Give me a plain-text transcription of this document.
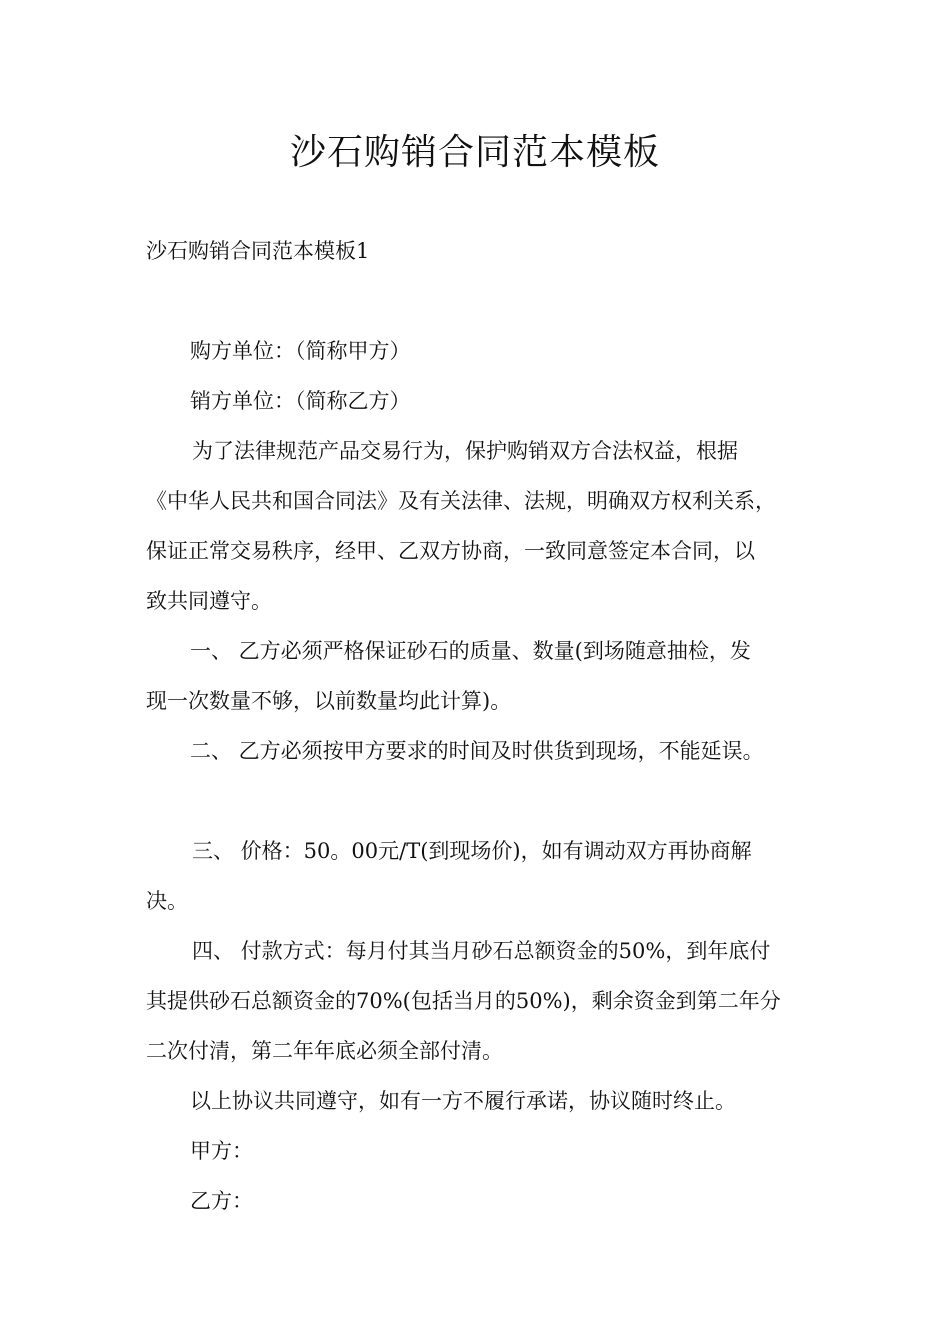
沙石购销合同范本模板

沙石购销合同范本模板1

购方单位：（简称甲方）

销方单位：（简称乙方）

为了法律规范产品交易行为，保护购销双方合法权益，根据

《中华人民共和国合同法》及有关法律、法规，明确双方权利关系，

保证正常交易秩序，经甲、乙双方协商，一致同意签定本合同，以

致共同遵守。

一、 乙方必须严格保证砂石的质量、数量(到场随意抽检，发

现一次数量不够，以前数量均此计算)。

二、 乙方必须按甲方要求的时间及时供货到现场，不能延误。

三、 价格：50。00元/T(到现场价)，如有调动双方再协商解

决。

四、 付款方式：每月付其当月砂石总额资金的50%，到年底付

其提供砂石总额资金的70%(包括当月的50%)，剩余资金到第二年分

二次付清，第二年年底必须全部付清。

以上协议共同遵守，如有一方不履行承诺，协议随时终止。

甲方：

乙方：
